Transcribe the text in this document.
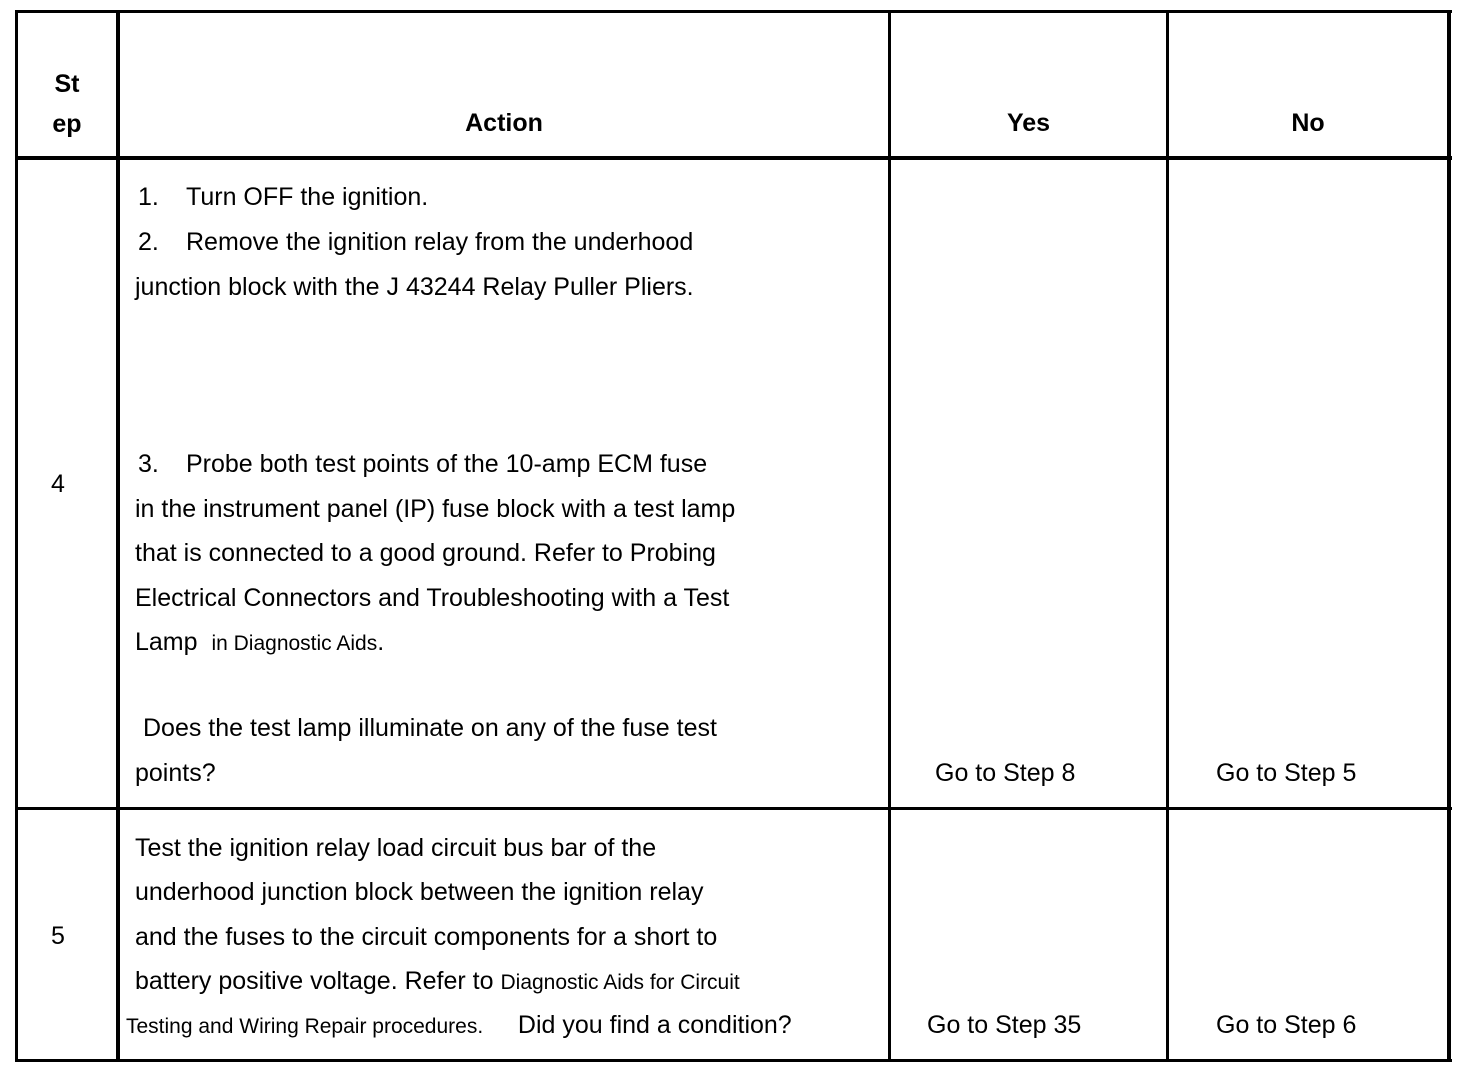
St
ep	Action	Yes	No
4
1. Turn OFF the ignition.
2. Remove the ignition relay from the underhood
junction block with the J 43244 Relay Puller Pliers.
3. Probe both test points of the 10-amp ECM fuse
in the instrument panel (IP) fuse block with a test lamp
that is connected to a good ground. Refer to Probing
Electrical Connectors and Troubleshooting with a Test
Lamp in Diagnostic Aids.
Does the test lamp illuminate on any of the fuse test
points?	Go to Step 8	Go to Step 5
5
Test the ignition relay load circuit bus bar of the
underhood junction block between the ignition relay
and the fuses to the circuit components for a short to
battery positive voltage. Refer to Diagnostic Aids for Circuit
Testing and Wiring Repair procedures. Did you find a condition?	Go to Step 35	Go to Step 6
